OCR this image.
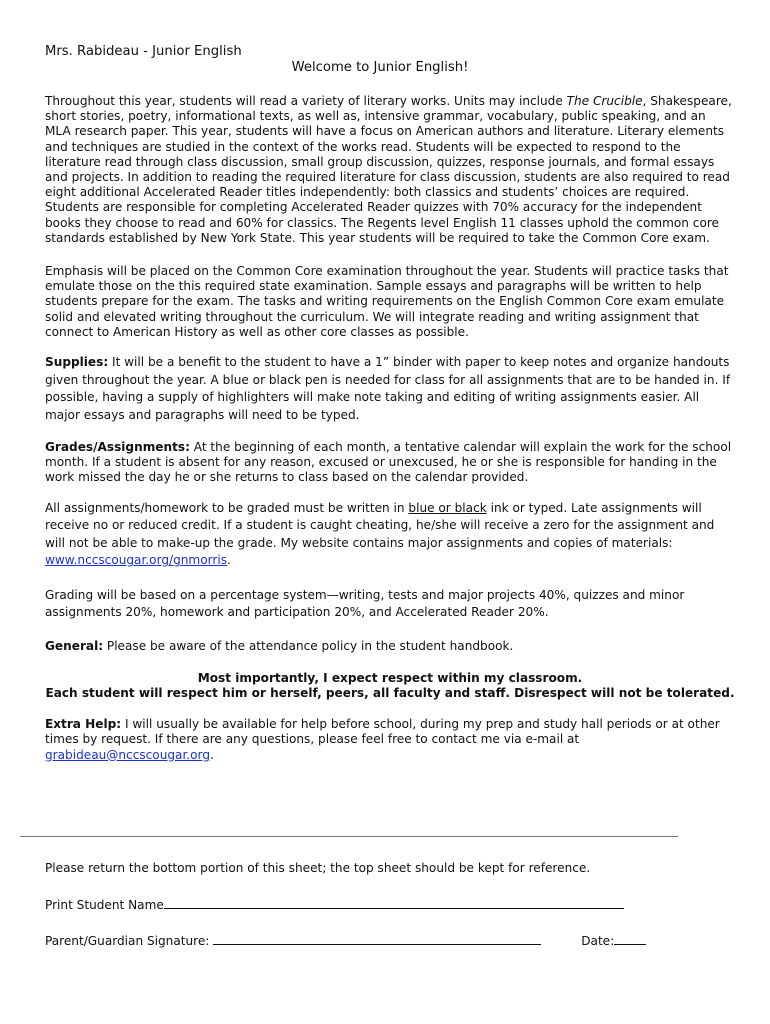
Mrs. Rabideau - Junior English

Welcome to Junior English!

Throughout this year, students will read a variety of literary works. Units may include The Crucible, Shakespeare, short stories, poetry, informational texts, as well as, intensive grammar, vocabulary, public speaking, and an MLA research paper. This year, students will have a focus on American authors and literature. Literary elements and techniques are studied in the context of the works read. Students will be expected to respond to the literature read through class discussion, small group discussion, quizzes, response journals, and formal essays and projects. In addition to reading the required literature for class discussion, students are also required to read eight additional Accelerated Reader titles independently: both classics and students’ choices are required. Students are responsible for completing Accelerated Reader quizzes with 70% accuracy for the independent books they choose to read and 60% for classics. The Regents level English 11 classes uphold the common core standards established by New York State. This year students will be required to take the Common Core exam.

Emphasis will be placed on the Common Core examination throughout the year. Students will practice tasks that emulate those on the this required state examination. Sample essays and paragraphs will be written to help students prepare for the exam. The tasks and writing requirements on the English Common Core exam emulate solid and elevated writing throughout the curriculum. We will integrate reading and writing assignment that connect to American History as well as other core classes as possible.

Supplies: It will be a benefit to the student to have a 1” binder with paper to keep notes and organize handouts given throughout the year. A blue or black pen is needed for class for all assignments that are to be handed in. If possible, having a supply of highlighters will make note taking and editing of writing assignments easier. All major essays and paragraphs will need to be typed.

Grades/Assignments: At the beginning of each month, a tentative calendar will explain the work for the school month. If a student is absent for any reason, excused or unexcused, he or she is responsible for handing in the work missed the day he or she returns to class based on the calendar provided.

All assignments/homework to be graded must be written in blue or black ink or typed. Late assignments will receive no or reduced credit. If a student is caught cheating, he/she will receive a zero for the assignment and will not be able to make-up the grade. My website contains major assignments and copies of materials: www.nccscougar.org/gnmorris.

Grading will be based on a percentage system—writing, tests and major projects 40%, quizzes and minor assignments 20%, homework and participation 20%, and Accelerated Reader 20%.

General: Please be aware of the attendance policy in the student handbook.

Most importantly, I expect respect within my classroom.

Each student will respect him or herself, peers, all faculty and staff. Disrespect will not be tolerated.

Extra Help: I will usually be available for help before school, during my prep and study hall periods or at other times by request. If there are any questions, please feel free to contact me via e-mail at grabideau@nccscougar.org.

Please return the bottom portion of this sheet; the top sheet should be kept for reference.

Print Student Name

Parent/Guardian Signature:	Date:
